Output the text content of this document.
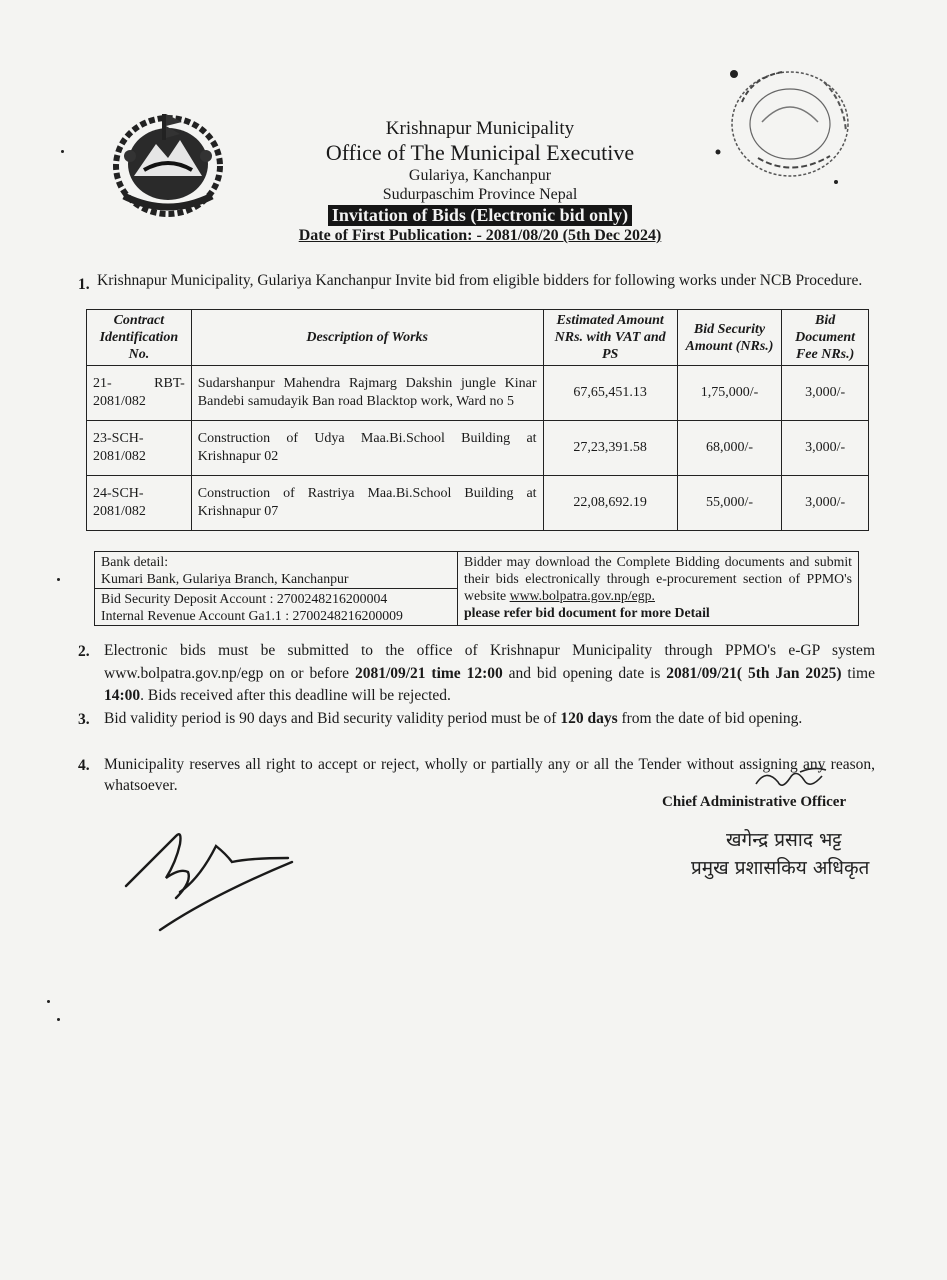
Krishnapur Municipality
Office of The Municipal Executive
Gulariya, Kanchanpur
Sudurpaschim Province Nepal
Invitation of Bids (Electronic bid only)
Date of First Publication: - 2081/08/20 (5th Dec 2024)
1. Krishnapur Municipality, Gulariya Kanchanpur Invite bid from eligible bidders for following works under NCB Procedure.
Contract Identification No.	Description of Works	Estimated Amount NRs. with VAT and PS	Bid Security Amount (NRs.)	Bid Document Fee NRs.)
21- RBT-2081/082	Sudarshanpur Mahendra Rajmarg Dakshin jungle Kinar Bandebi samudayik Ban road Blacktop work, Ward no 5	67,65,451.13	1,75,000/-	3,000/-
23-SCH-2081/082	Construction of Udya Maa.Bi.School Building at Krishnapur 02	27,23,391.58	68,000/-	3,000/-
24-SCH-2081/082	Construction of Rastriya Maa.Bi.School Building at Krishnapur 07	22,08,692.19	55,000/-	3,000/-
Bank detail:
Kumari Bank, Gulariya Branch, Kanchanpur
	Bidder may download the Complete Bidding documents and submit their bids electronically through e-procurement section of PPMO's website www.bolpatra.gov.np/egp.
please refer bid document for more Detail

Bid Security Deposit Account : 2700248216200004
Internal Revenue Account Ga1.1 : 2700248216200009
2. Electronic bids must be submitted to the office of Krishnapur Municipality through PPMO's e-GP system www.bolpatra.gov.np/egp on or before 2081/09/21 time 12:00 and bid opening date is 2081/09/21( 5th Jan 2025) time 14:00. Bids received after this deadline will be rejected.
3. Bid validity period is 90 days and Bid security validity period must be of 120 days from the date of bid opening.
4. Municipality reserves all right to accept or reject, wholly or partially any or all the Tender without assigning any reason, whatsoever.
Chief Administrative Officer
खगेन्द्र प्रसाद भट्ट
प्रमुख प्रशासकिय अधिकृत
